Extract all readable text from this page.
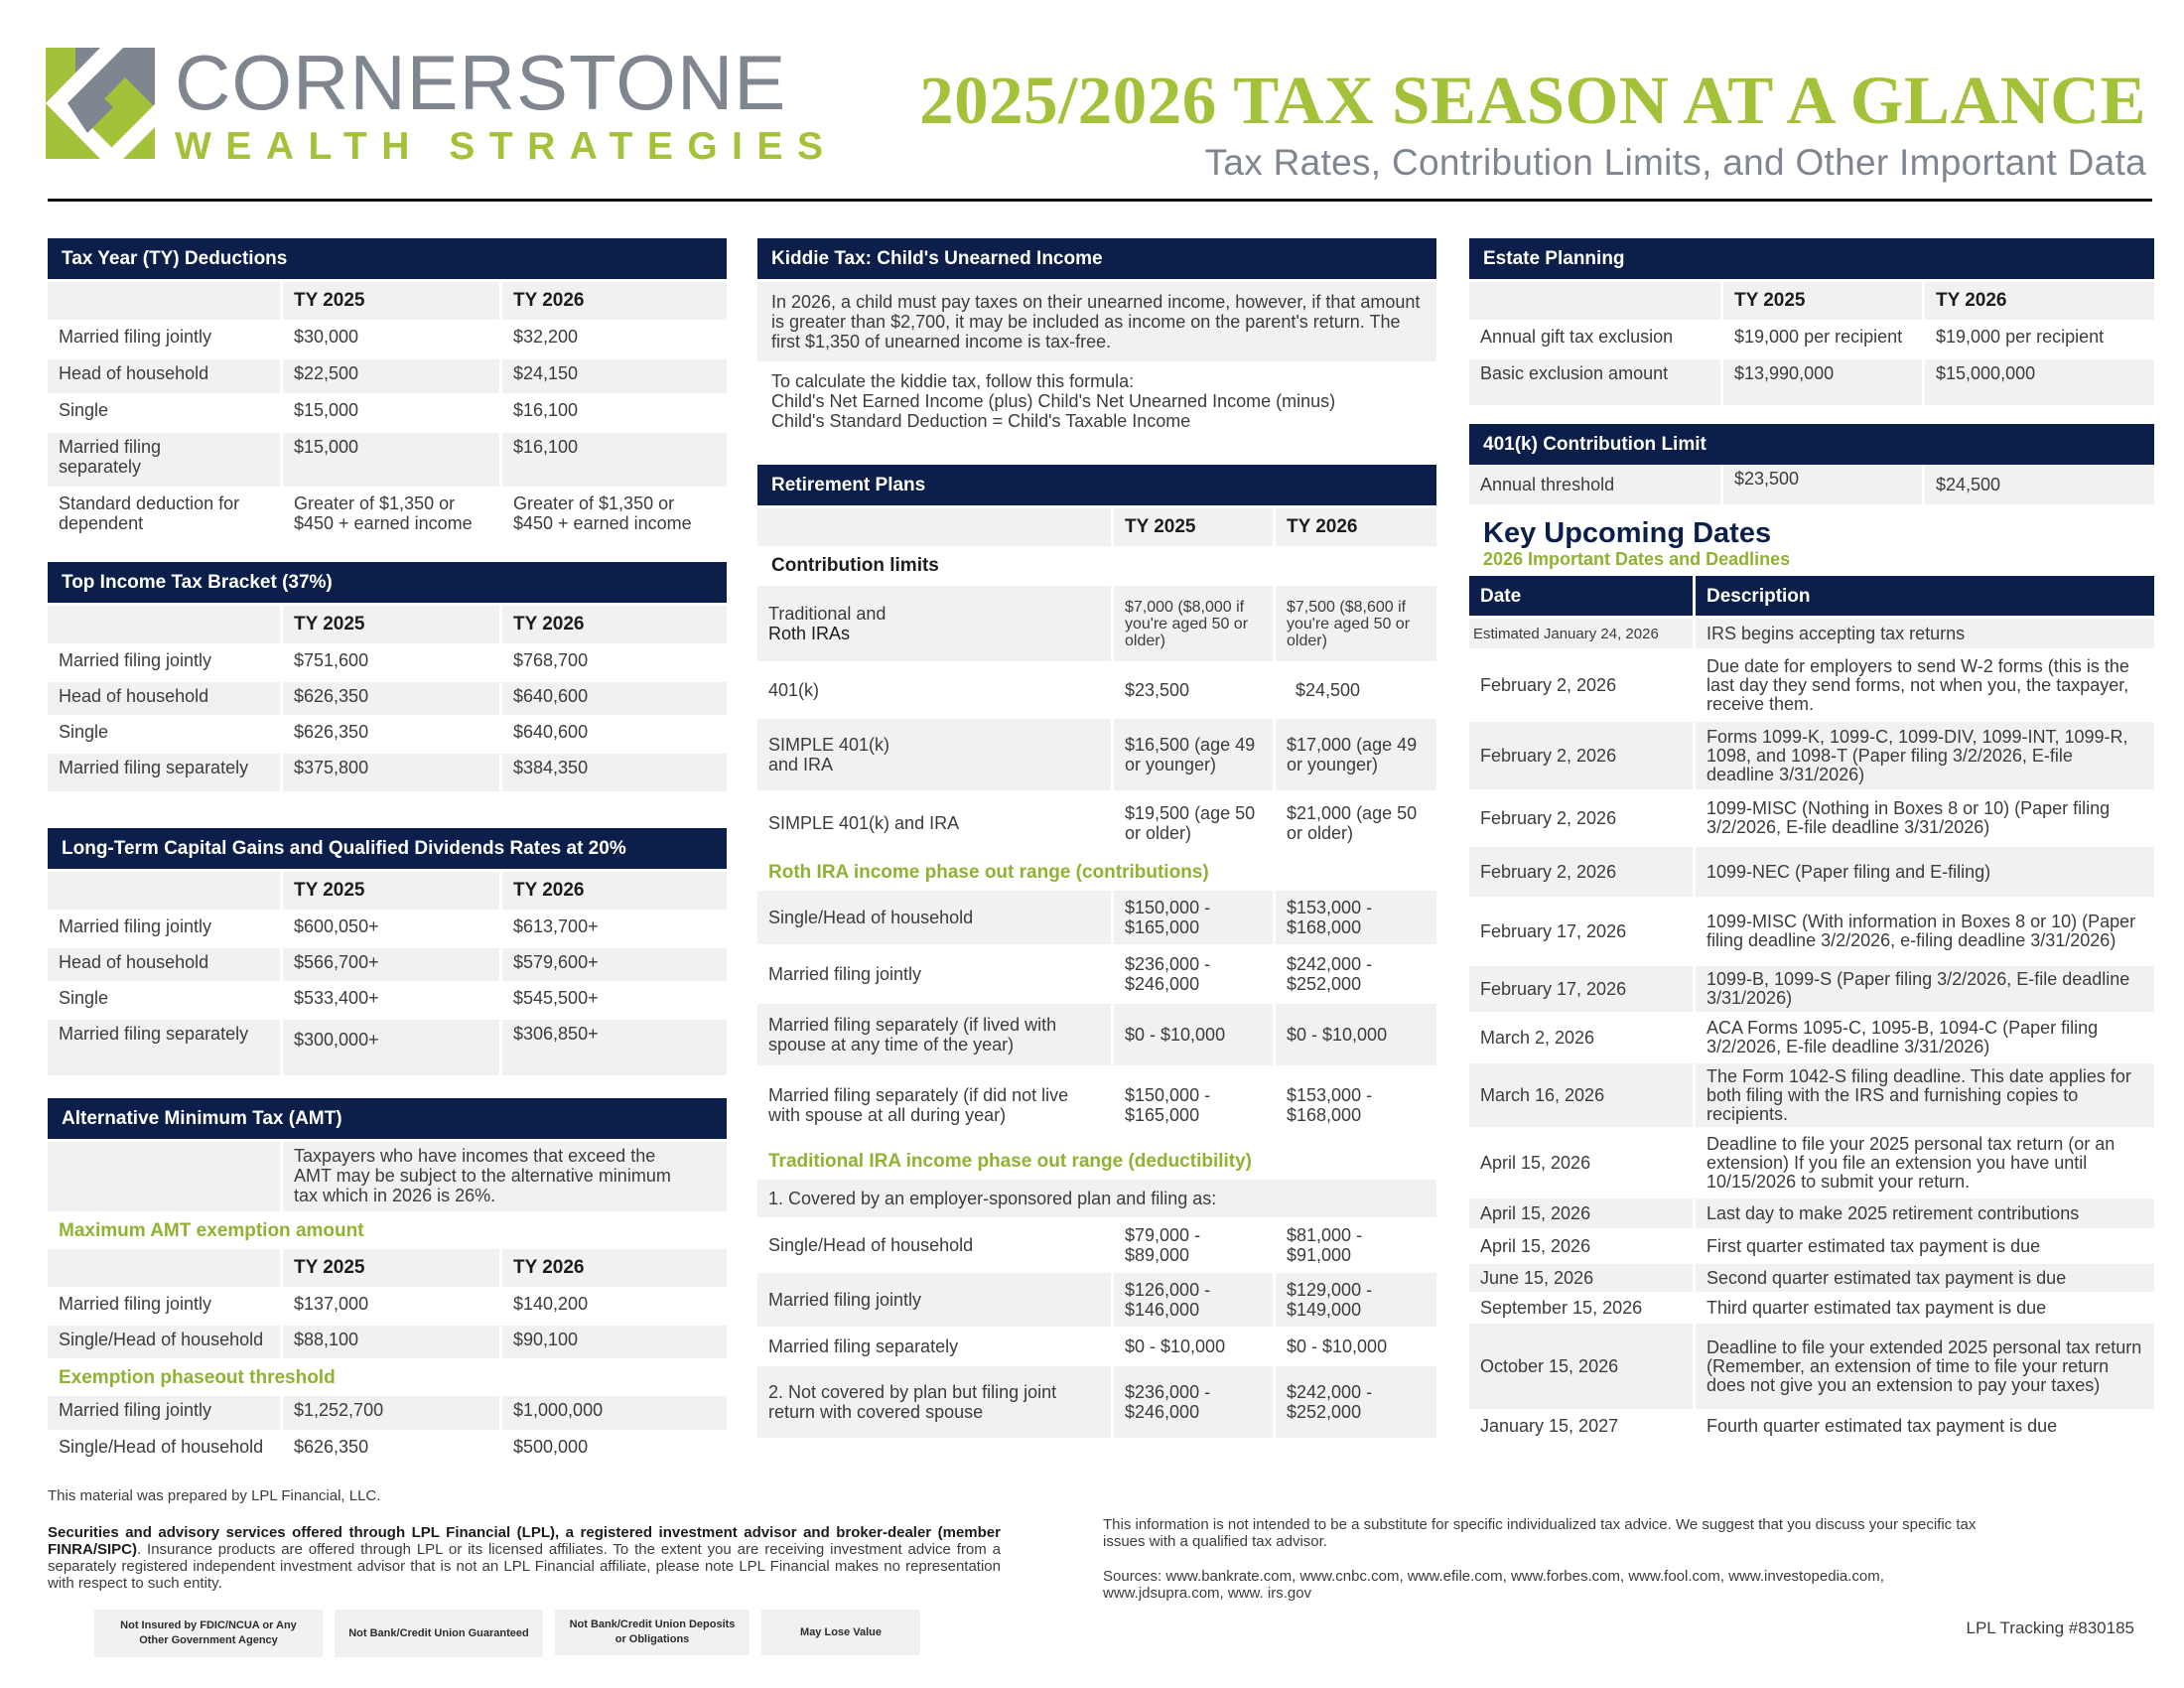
CORNERSTONE
WEALTH STRATEGIES
2025/2026 TAX SEASON AT A GLANCE
Tax Rates, Contribution Limits, and Other Important Data
Tax Year (TY) Deductions
	TY 2025	TY 2026
Married filing jointly	$30,000	$32,200
Head of household	$22,500	$24,150
Single	$15,000	$16,100
Married filing separately	$15,000	$16,100
Standard deduction for dependent	Greater of $1,350 or $450 + earned income	Greater of $1,350 or $450 + earned income
Top Income Tax Bracket (37%)
	TY 2025	TY 2026
Married filing jointly	$751,600	$768,700
Head of household	$626,350	$640,600
Single	$626,350	$640,600
Married filing separately	$375,800	$384,350
Long-Term Capital Gains and Qualified Dividends Rates at 20%
	TY 2025	TY 2026
Married filing jointly	$600,050+	$613,700+
Head of household	$566,700+	$579,600+
Single	$533,400+	$545,500+
Married filing separately	$300,000+	$306,850+
Alternative Minimum Tax (AMT)
	Taxpayers who have incomes that exceed the AMT may be subject to the alternative minimum tax which in 2026 is 26%.
Maximum AMT exemption amount
	TY 2025	TY 2026
Married filing jointly	$137,000	$140,200
Single/Head of household	$88,100	$90,100
Exemption phaseout threshold
Married filing jointly	$1,252,700	$1,000,000
Single/Head of household	$626,350	$500,000
Kiddie Tax: Child's Unearned Income
In 2026, a child must pay taxes on their unearned income, however, if that amount is greater than $2,700, it may be included as income on the parent's return. The first $1,350 of unearned income is tax-free.
To calculate the kiddie tax, follow this formula:
Child's Net Earned Income (plus) Child's Net Unearned Income (minus)
Child's Standard Deduction = Child's Taxable Income
Retirement Plans
	TY 2025	TY 2026
Contribution limits
Traditional and
Roth IRAs	$7,000 ($8,000 if you're aged 50 or older)	$7,500 ($8,600 if you're aged 50 or older)
401(k)	$23,500	$24,500
SIMPLE 401(k) and IRA	$16,500 (age 49 or younger)	$17,000 (age 49 or younger)
SIMPLE 401(k) and IRA	$19,500 (age 50 or older)	$21,000 (age 50 or older)
Roth IRA income phase out range (contributions)
Single/Head of household	$150,000 - $165,000	$153,000 - $168,000
Married filing jointly	$236,000 - $246,000	$242,000 - $252,000
Married filing separately (if lived with spouse at any time of the year)	$0 - $10,000	$0 - $10,000
Married filing separately (if did not live with spouse at all during year)	$150,000 - $165,000	$153,000 - $168,000
Traditional IRA income phase out range (deductibility)
1. Covered by an employer-sponsored plan and filing as:		
Single/Head of household	$79,000 - $89,000	$81,000 - $91,000
Married filing jointly	$126,000 - $146,000	$129,000 - $149,000
Married filing separately	$0 - $10,000	$0 - $10,000
2. Not covered by plan but filing joint return with covered spouse	$236,000 - $246,000	$242,000 - $252,000
Estate Planning
	TY 2025	TY 2026
Annual gift tax exclusion	$19,000 per recipient	$19,000 per recipient
Basic exclusion amount	$13,990,000	$15,000,000
401(k) Contribution Limit
Annual threshold	$23,500	$24,500
Key Upcoming Dates
2026 Important Dates and Deadlines
Date	Description
Estimated January 24, 2026	IRS begins accepting tax returns
February 2, 2026	Due date for employers to send W-2 forms (this is the last day they send forms, not when you, the taxpayer, receive them.
February 2, 2026	Forms 1099-K, 1099-C, 1099-DIV, 1099-INT, 1099-R, 1098, and 1098-T (Paper filing 3/2/2026, E-file deadline 3/31/2026)
February 2, 2026	1099-MISC (Nothing in Boxes 8 or 10) (Paper filing 3/2/2026, E-file deadline 3/31/2026)
February 2, 2026	1099-NEC (Paper filing and E-filing)
February 17, 2026	1099-MISC (With information in Boxes 8 or 10) (Paper filing deadline 3/2/2026, e-filing deadline 3/31/2026)
February 17, 2026	1099-B, 1099-S (Paper filing 3/2/2026, E-file deadline 3/31/2026)
March 2, 2026	ACA Forms 1095-C, 1095-B, 1094-C (Paper filing 3/2/2026, E-file deadline 3/31/2026)
March 16, 2026	The Form 1042-S filing deadline. This date applies for both filing with the IRS and furnishing copies to recipients.
April 15, 2026	Deadline to file your 2025 personal tax return (or an extension) If you file an extension you have until 10/15/2026 to submit your return.
April 15, 2026	Last day to make 2025 retirement contributions
April 15, 2026	First quarter estimated tax payment is due
June 15, 2026	Second quarter estimated tax payment is due
September 15, 2026	Third quarter estimated tax payment is due
October 15, 2026	Deadline to file your extended 2025 personal tax return (Remember, an extension of time to file your return does not give you an extension to pay your taxes)
January 15, 2027	Fourth quarter estimated tax payment is due
This material was prepared by LPL Financial, LLC.
Securities and advisory services offered through LPL Financial (LPL), a registered investment advisor and broker-dealer (member FINRA/SIPC). Insurance products are offered through LPL or its licensed affiliates. To the extent you are receiving investment advice from a separately registered independent investment advisor that is not an LPL Financial affiliate, please note LPL Financial makes no representation with respect to such entity.
Not Insured by FDIC/NCUA or Any Other Government Agency
Not Bank/Credit Union Guaranteed
Not Bank/Credit Union Deposits or Obligations
May Lose Value
This information is not intended to be a substitute for specific individualized tax advice. We suggest that you discuss your specific tax issues with a qualified tax advisor.
Sources: www.bankrate.com, www.cnbc.com, www.efile.com, www.forbes.com, www.fool.com, www.investopedia.com, www.jdsupra.com, www. irs.gov
LPL Tracking #830185
